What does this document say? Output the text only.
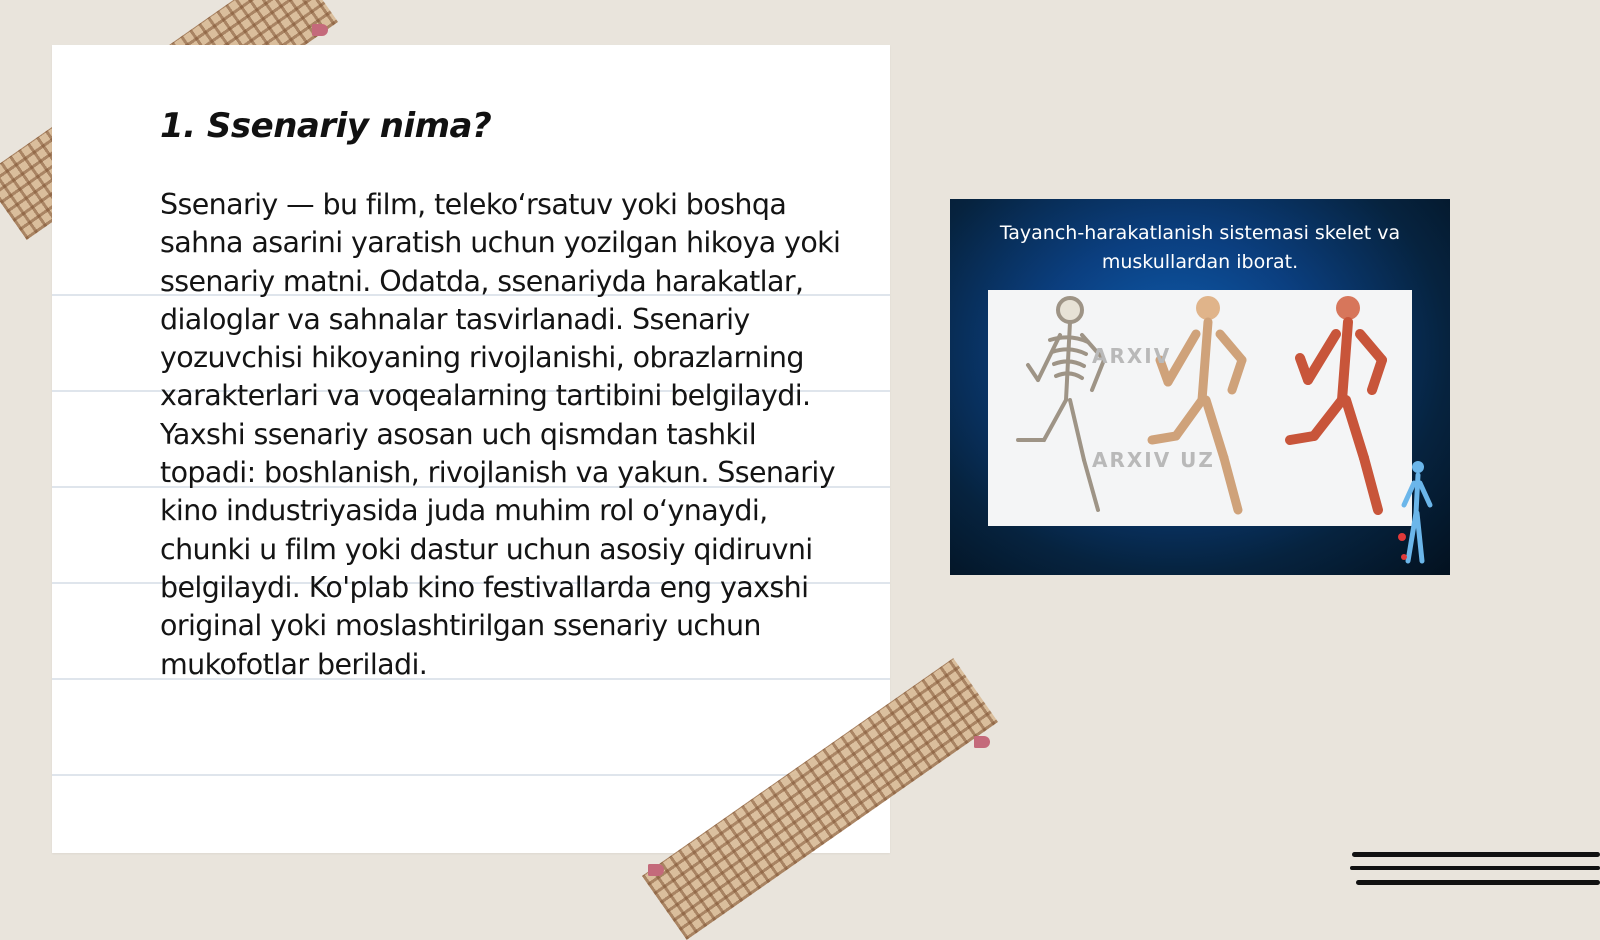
1. Ssenariy nima?

Ssenariy — bu film, telekoʻrsatuv yoki boshqa sahna asarini yaratish uchun yozilgan hikoya yoki ssenariy matni. Odatda, ssenariyda harakatlar, dialoglar va sahnalar tasvirlanadi. Ssenariy yozuvchisi hikoyaning rivojlanishi, obrazlarning xarakterlari va voqealarning tartibini belgilaydi. Yaxshi ssenariy asosan uch qismdan tashkil topadi: boshlanish, rivojlanish va yakun. Ssenariy kino industriyasida juda muhim rol oʻynaydi, chunki u film yoki dastur uchun asosiy qidiruvni belgilaydi. Ko'plab kino festivallarda eng yaxshi original yoki moslashtirilgan ssenariy uchun mukofotlar beriladi.

Tayanch-harakatlanish sistemasi skelet va muskullardan iborat.
ARXIV
ARXIV UZ
